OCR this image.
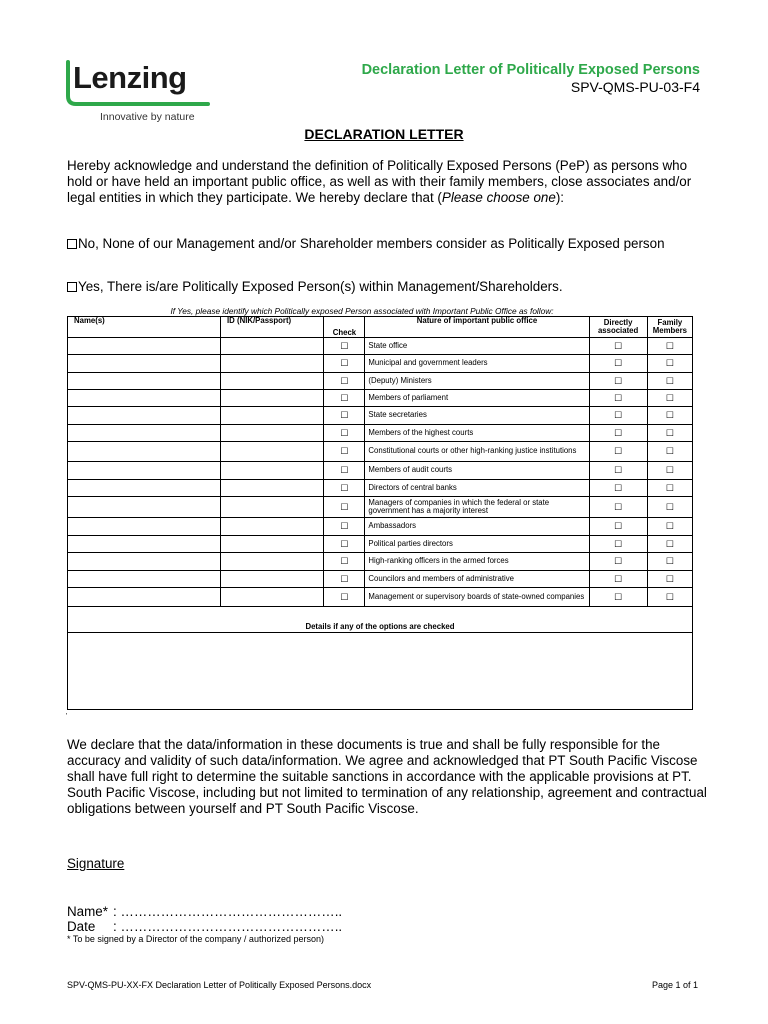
Lenzing
Innovative by nature
Declaration Letter of Politically Exposed Persons
SPV-QMS-PU-03-F4
DECLARATION LETTER
Hereby acknowledge and understand the definition of Politically Exposed Persons (PeP) as persons who hold or have held an important public office, as well as with their family members, close associates and/or legal entities in which they participate. We hereby declare that (Please choose one):
No, None of our Management and/or Shareholder members consider as Politically Exposed person
Yes, There is/are Politically Exposed Person(s) within Management/Shareholders.
If Yes, please identify which Politically exposed Person associated with Important Public Office as follow:
Name(s)	ID (NIK/Passport)	Check	Nature of important public office	Directly associated	Family Members
		☐	State office	☐	☐
		☐	Municipal and government leaders	☐	☐
		☐	(Deputy) Ministers	☐	☐
		☐	Members of parliament	☐	☐
		☐	State secretaries	☐	☐
		☐	Members of the highest courts	☐	☐
		☐	Constitutional courts or other high-ranking justice institutions	☐	☐
		☐	Members of audit courts	☐	☐
		☐	Directors of central banks	☐	☐
		☐	Managers of companies in which the federal or state government has a majority interest	☐	☐
		☐	Ambassadors	☐	☐
		☐	Political parties directors	☐	☐
		☐	High-ranking officers in the armed forces	☐	☐
		☐	Councilors and members of administrative	☐	☐
		☐	Management or supervisory boards of state-owned companies	☐	☐
Details if any of the options are checked					

'
We declare that the data/information in these documents is true and shall be fully responsible for the accuracy and validity of such data/information. We agree and acknowledged that PT South Pacific Viscose shall have full right to determine the suitable sanctions in accordance with the applicable provisions at PT. South Pacific Viscose, including but not limited to termination of any relationship, agreement and contractual obligations between yourself and PT South Pacific Viscose.
Signature
Name* : …………………………………………..
Date : …………………………………………..
* To be signed by a Director of the company / authorized person)
SPV-QMS-PU-XX-FX Declaration Letter of Politically Exposed Persons.docx	Page 1 of 1
